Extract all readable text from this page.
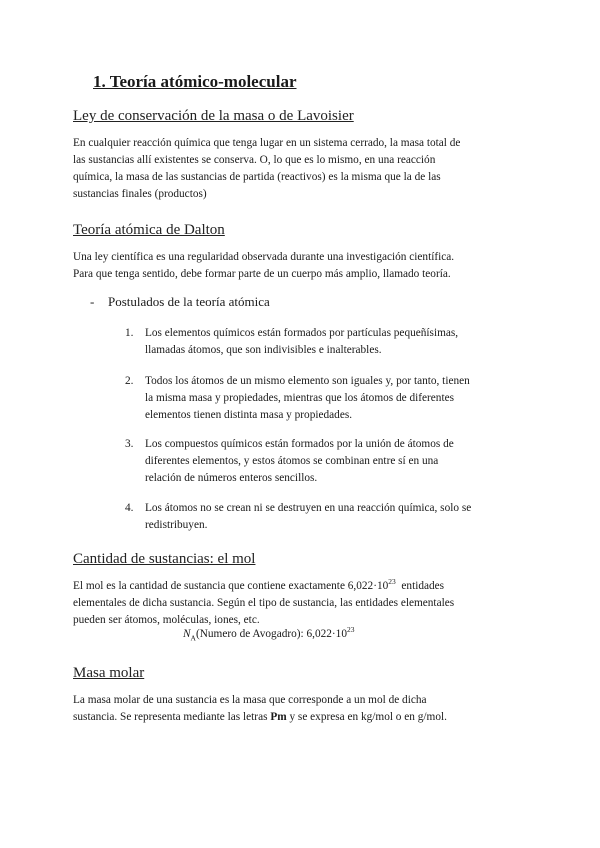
1. Teoría atómico-molecular
Ley de conservación de la masa o de Lavoisier
En cualquier reacción química que tenga lugar en un sistema cerrado, la masa total de
las sustancias allí existentes se conserva. O, lo que es lo mismo, en una reacción
química, la masa de las sustancias de partida (reactivos) es la misma que la de las
sustancias finales (productos)
Teoría atómica de Dalton
Una ley científica es una regularidad observada durante una investigación científica.
Para que tenga sentido, debe formar parte de un cuerpo más amplio, llamado teoría.
- Postulados de la teoría atómica
1. Los elementos químicos están formados por partículas pequeñísimas,
llamadas átomos, que son indivisibles e inalterables.
2. Todos los átomos de un mismo elemento son iguales y, por tanto, tienen
la misma masa y propiedades, mientras que los átomos de diferentes
elementos tienen distinta masa y propiedades.
3. Los compuestos químicos están formados por la unión de átomos de
diferentes elementos, y estos átomos se combinan entre sí en una
relación de números enteros sencillos.
4. Los átomos no se crean ni se destruyen en una reacción química, solo se
redistribuyen.
Cantidad de sustancias: el mol
El mol es la cantidad de sustancia que contiene exactamente $6,022\cdot 10^{23}$ entidades
elementales de dicha sustancia. Según el tipo de sustancia, las entidades elementales
pueden ser átomos, moléculas, iones, etc.
$N_A(Numero$ de Avogadro): $6,022\cdot 10^{23}$
Masa molar
La masa molar de una sustancia es la masa que corresponde a un mol de dicha
sustancia. Se representa mediante las letras Pm y se expresa en kg/mol o en g/mol.
